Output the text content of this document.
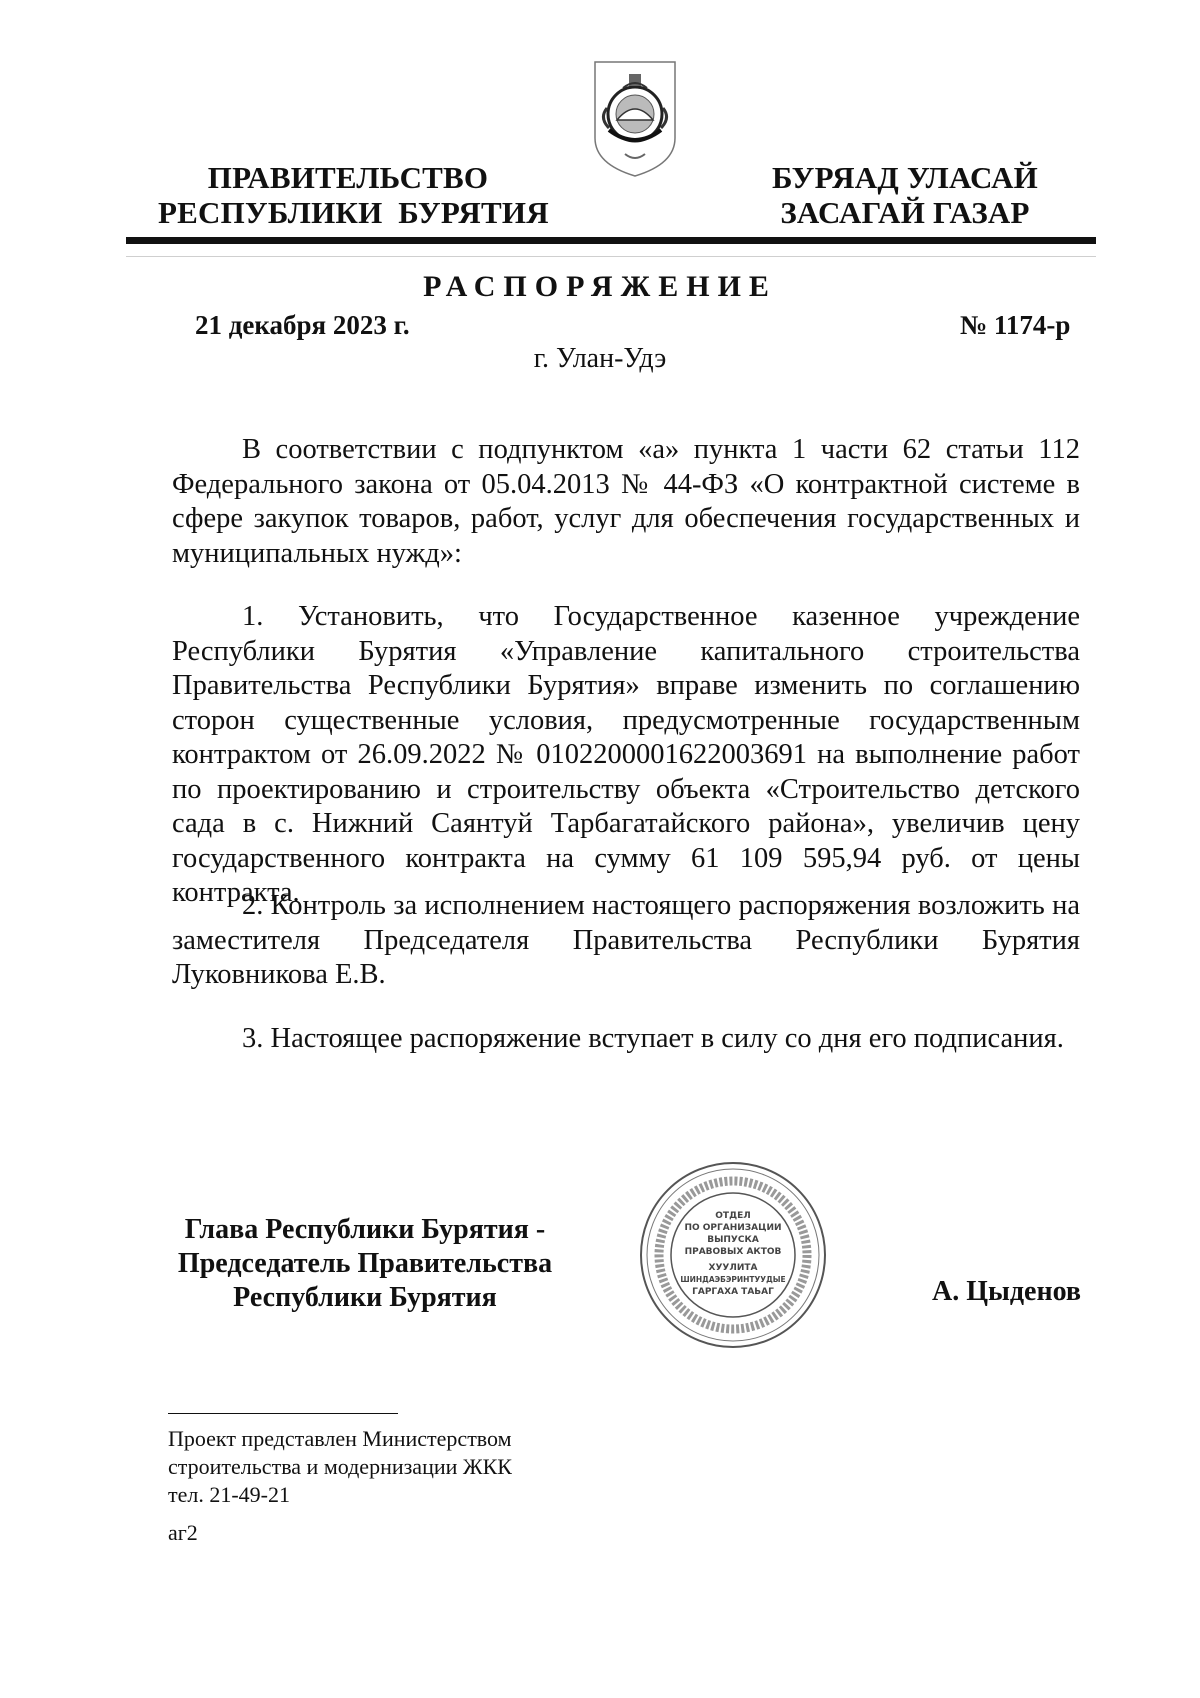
ПРАВИТЕЛЬСТВО
РЕСПУБЛИКИ  БУРЯТИЯ
БУРЯАД УЛАСАЙ
ЗАСАГАЙ ГАЗАР
РАСПОРЯЖЕНИЕ
21 декабря 2023 г.	№ 1174-р
г. Улан-Удэ

В соответствии с подпунктом «а» пункта 1 части 62 статьи 112 Федерального закона от 05.04.2013 № 44-ФЗ «О контрактной системе в сфере закупок товаров, работ, услуг для обеспечения государственных и муниципальных нужд»:

1. Установить, что Государственное казенное учреждение Республики Бурятия «Управление капитального строительства Правительства Республики Бурятия» вправе изменить по соглашению сторон существенные условия, предусмотренные государственным контрактом от 26.09.2022 № 0102200001622003691 на выполнение работ по проектированию и строительству объекта «Строительство детского сада в с. Нижний Саянтуй Тарбагатайского района», увеличив цену государственного контракта на сумму 61 109 595,94 руб. от цены контракта.

2. Контроль за исполнением настоящего распоряжения возложить на заместителя Председателя Правительства Республики Бурятия Луковникова Е.В.

3. Настоящее распоряжение вступает в силу со дня его подписания.

Глава Республики Бурятия -
Председатель Правительства
Республики Бурятия
ОТДЕЛ
ПО ОРГАНИЗАЦИИ
ВЫПУСКА
ПРАВОВЫХ АКТОВ
ХУУЛИТА
ШИНДАЭБЭРИНТУУДЫЕ
ГАРГАХА ТАЬАГ	А. Цыденов
Проект представлен Министерством
строительства и модернизации ЖКК
тел. 21-49-21
аг2
